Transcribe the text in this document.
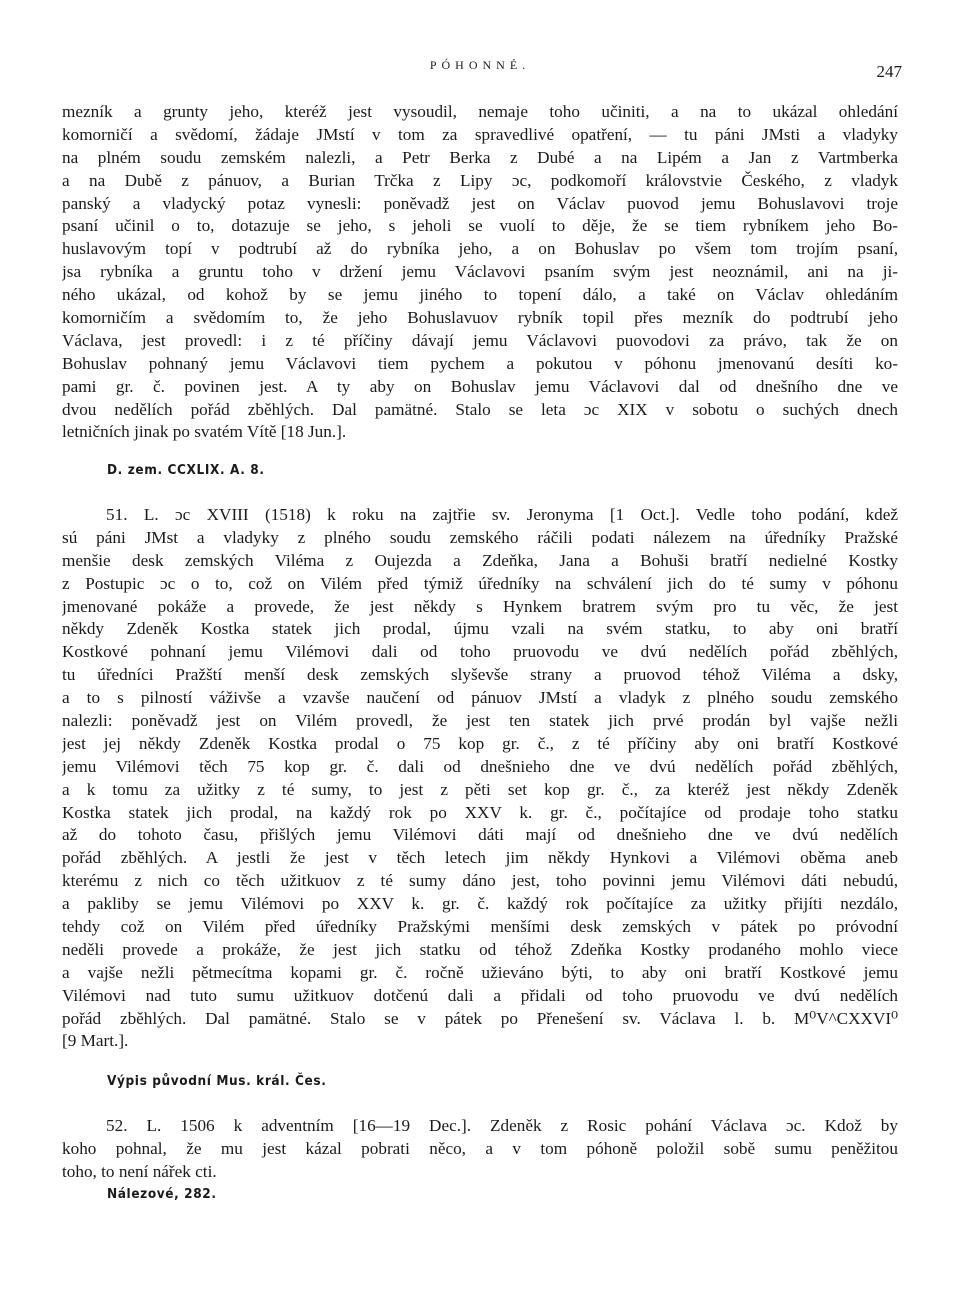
PÓHONNÉ.	247
mezník a grunty jeho, kteréž jest vysoudil, nemaje toho učiniti, a na to ukázal ohledání
komorničí a svědomí, žádaje JMstí v tom za spravedlivé opatření, — tu páni JMsti a vladyky
na plném soudu zemském nalezli, a Petr Berka z Dubé a na Lipém a Jan z Vartmberka
a na Dubě z pánuov, a Burian Trčka z Lipy ɔc, podkomoří královstvie Českého, z vladyk
panský a vladycký potaz vynesli: poněvadž jest on Václav puovod jemu Bohuslavovi troje
psaní učinil o to, dotazuje se jeho, s jeholi se vuolí to děje, že se tiem rybníkem jeho Bo-
huslavovým topí v podtrubí až do rybníka jeho, a on Bohuslav po všem tom trojím psaní,
jsa rybníka a gruntu toho v držení jemu Václavovi psaním svým jest neoznámil, ani na ji-
ného ukázal, od kohož by se jemu jiného to topení dálo, a také on Václav ohledáním
komorničím a svědomím to, že jeho Bohuslavuov rybník topil přes mezník do podtrubí jeho
Václava, jest provedl: i z té příčiny dávají jemu Václavovi puovodovi za právo, tak že on
Bohuslav pohnaný jemu Václavovi tiem pychem a pokutou v póhonu jmenovanú desíti ko-
pami gr. č. povinen jest. A ty aby on Bohuslav jemu Václavovi dal od dnešního dne ve
dvou nedělích pořád zběhlých. Dal pamätné. Stalo se leta ɔc XIX v sobotu o suchých dnech
letničních jinak po svatém Vítě [18 Jun.].
D. zem. CCXLIX. A. 8.
51. L. ɔc XVIII (1518) k roku na zajtřie sv. Jeronyma [1 Oct.]. Vedle toho podání, kdež
sú páni JMst a vladyky z plného soudu zemského ráčili podati nálezem na úředníky Pražské
menšie desk zemských Viléma z Oujezda a Zdeňka, Jana a Bohuši bratří nedielné Kostky
z Postupic ɔc o to, což on Vilém před týmiž úředníky na schválení jich do té sumy v póhonu
jmenované pokáže a provede, že jest někdy s Hynkem bratrem svým pro tu věc, že jest
někdy Zdeněk Kostka statek jich prodal, újmu vzali na svém statku, to aby oni bratří
Kostkové pohnaní jemu Vilémovi dali od toho pruovodu ve dvú nedělích pořád zběhlých,
tu úředníci Pražští menší desk zemských slyševše strany a pruovod téhož Viléma a dsky,
a to s pilností váživše a vzavše naučení od pánuov JMstí a vladyk z plného soudu zemského
nalezli: poněvadž jest on Vilém provedl, že jest ten statek jich prvé prodán byl vajše nežli
jest jej někdy Zdeněk Kostka prodal o 75 kop gr. č., z té příčiny aby oni bratří Kostkové
jemu Vilémovi těch 75 kop gr. č. dali od dnešnieho dne ve dvú nedělích pořád zběhlých,
a k tomu za užitky z té sumy, to jest z pěti set kop gr. č., za kteréž jest někdy Zdeněk
Kostka statek jich prodal, na každý rok po XXV k. gr. č., počítajíce od prodaje toho statku
až do tohoto času, přišlých jemu Vilémovi dáti mají od dnešnieho dne ve dvú nedělích
pořád zběhlých. A jestli že jest v těch letech jim někdy Hynkovi a Vilémovi oběma aneb
kterému z nich co těch užitkuov z té sumy dáno jest, toho povinni jemu Vilémovi dáti nebudú,
a pakliby se jemu Vilémovi po XXV k. gr. č. každý rok počítajíce za užitky přijíti nezdálo,
tehdy což on Vilém před úředníky Pražskými menšími desk zemských v pátek po próvodní
neděli provede a prokáže, že jest jich statku od téhož Zdeňka Kostky prodaného mohlo viece
a vajše nežli pětmecítma kopami gr. č. ročně užieváno býti, to aby oni bratří Kostkové jemu
Vilémovi nad tuto sumu užitkuov dotčenú dali a přidali od toho pruovodu ve dvú nedělích
pořád zběhlých. Dal pamätné. Stalo se v pátek po Přenešení sv. Václava l. b. M⁰V^CXXVI⁰
[9 Mart.].
Výpis původní Mus. král. Čes.
52. L. 1506 k adventním [16—19 Dec.]. Zdeněk z Rosic pohání Václava ɔc. Kdož by
koho pohnal, že mu jest kázal pobrati něco, a v tom póhoně položil sobě sumu peněžitou
toho, to není nářek cti.
Nálezové, 282.
